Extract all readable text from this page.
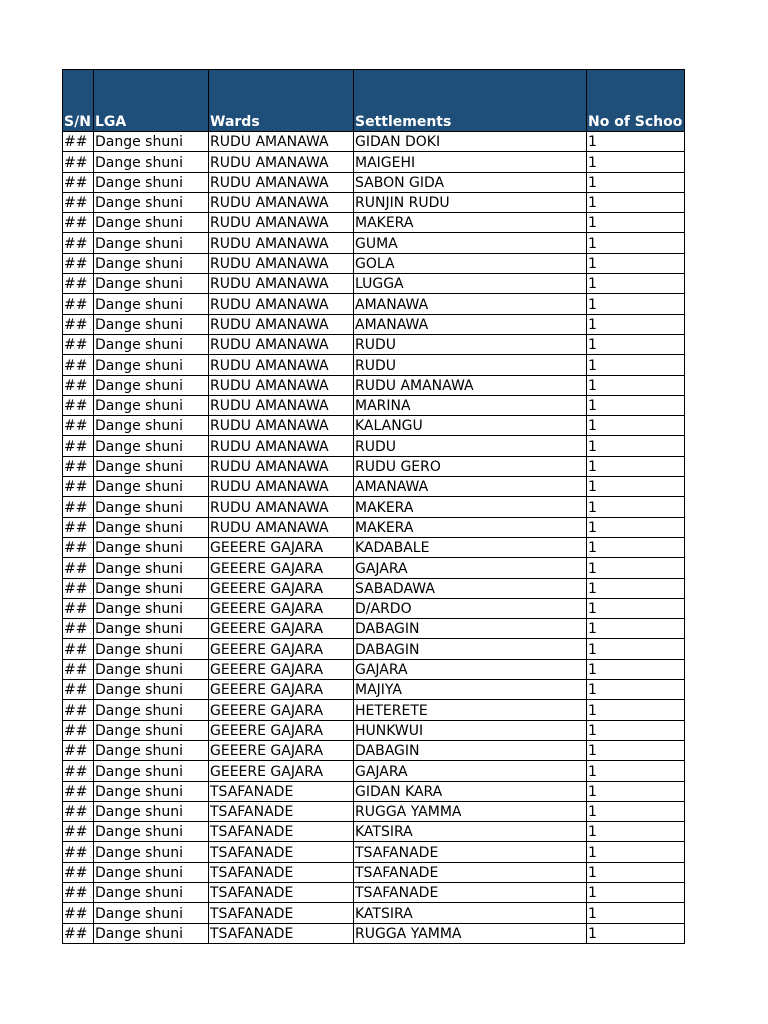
S/N	LGA	Wards	Settlements	No of Schoo
##	Dange shuni	RUDU AMANAWA	GIDAN DOKI	1
##	Dange shuni	RUDU AMANAWA	MAIGEHI	1
##	Dange shuni	RUDU AMANAWA	SABON GIDA	1
##	Dange shuni	RUDU AMANAWA	RUNJIN RUDU	1
##	Dange shuni	RUDU AMANAWA	MAKERA	1
##	Dange shuni	RUDU AMANAWA	GUMA	1
##	Dange shuni	RUDU AMANAWA	GOLA	1
##	Dange shuni	RUDU AMANAWA	LUGGA	1
##	Dange shuni	RUDU AMANAWA	AMANAWA	1
##	Dange shuni	RUDU AMANAWA	AMANAWA	1
##	Dange shuni	RUDU AMANAWA	RUDU	1
##	Dange shuni	RUDU AMANAWA	RUDU	1
##	Dange shuni	RUDU AMANAWA	RUDU AMANAWA	1
##	Dange shuni	RUDU AMANAWA	MARINA	1
##	Dange shuni	RUDU AMANAWA	KALANGU	1
##	Dange shuni	RUDU AMANAWA	RUDU	1
##	Dange shuni	RUDU AMANAWA	RUDU GERO	1
##	Dange shuni	RUDU AMANAWA	AMANAWA	1
##	Dange shuni	RUDU AMANAWA	MAKERA	1
##	Dange shuni	RUDU AMANAWA	MAKERA	1
##	Dange shuni	GEEERE GAJARA	KADABALE	1
##	Dange shuni	GEEERE GAJARA	GAJARA	1
##	Dange shuni	GEEERE GAJARA	SABADAWA	1
##	Dange shuni	GEEERE GAJARA	D/ARDO	1
##	Dange shuni	GEEERE GAJARA	DABAGIN	1
##	Dange shuni	GEEERE GAJARA	DABAGIN	1
##	Dange shuni	GEEERE GAJARA	GAJARA	1
##	Dange shuni	GEEERE GAJARA	MAJIYA	1
##	Dange shuni	GEEERE GAJARA	HETERETE	1
##	Dange shuni	GEEERE GAJARA	HUNKWUI	1
##	Dange shuni	GEEERE GAJARA	DABAGIN	1
##	Dange shuni	GEEERE GAJARA	GAJARA	1
##	Dange shuni	TSAFANADE	GIDAN KARA	1
##	Dange shuni	TSAFANADE	RUGGA YAMMA	1
##	Dange shuni	TSAFANADE	KATSIRA	1
##	Dange shuni	TSAFANADE	TSAFANADE	1
##	Dange shuni	TSAFANADE	TSAFANADE	1
##	Dange shuni	TSAFANADE	TSAFANADE	1
##	Dange shuni	TSAFANADE	KATSIRA	1
##	Dange shuni	TSAFANADE	RUGGA YAMMA	1
